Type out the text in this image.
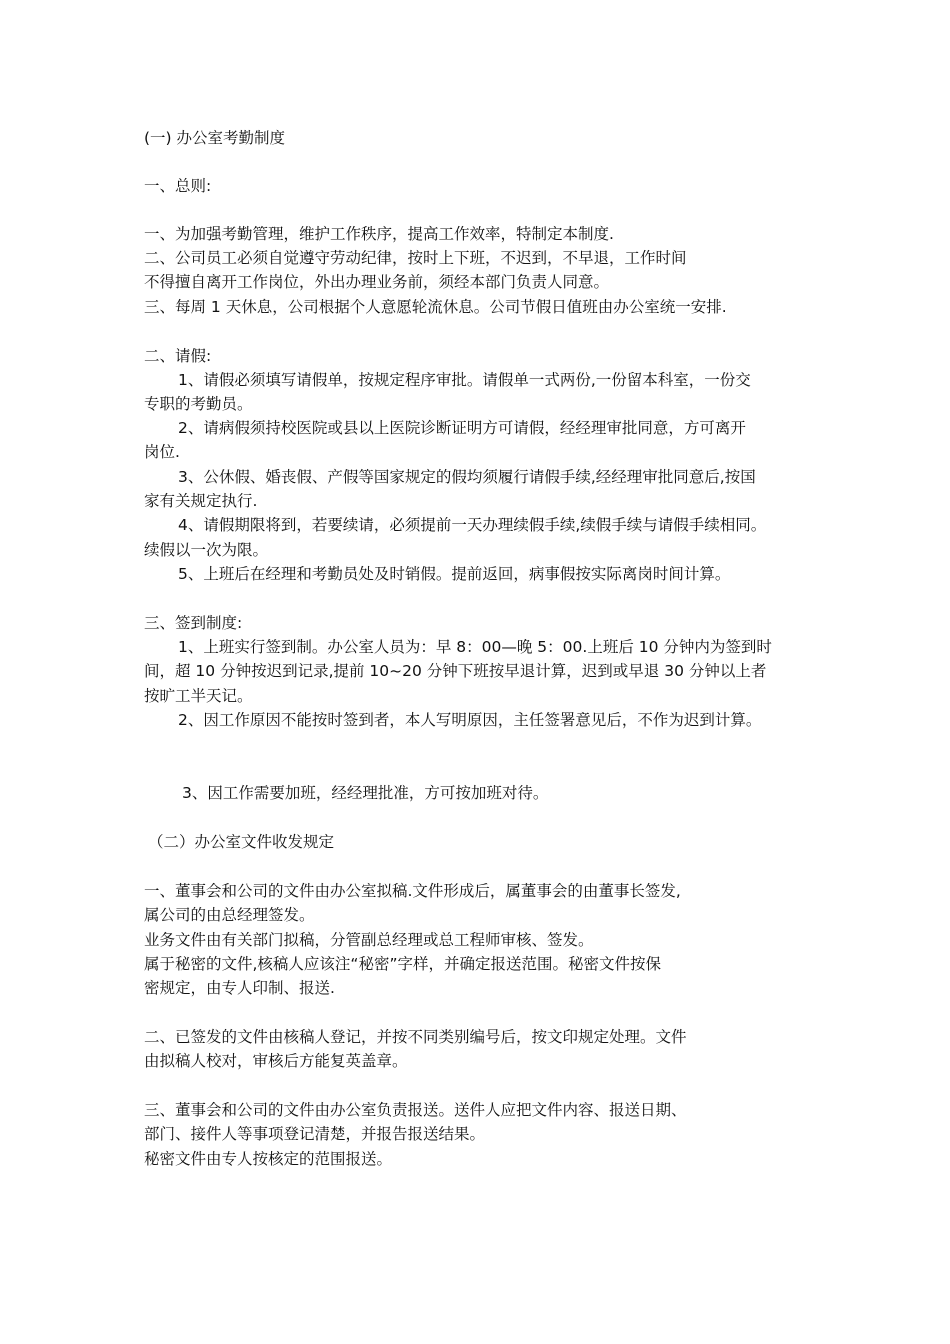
(一) 办公室考勤制度
一、总则:
一、为加强考勤管理，维护工作秩序，提高工作效率，特制定本制度.
二、公司员工必须自觉遵守劳动纪律，按时上下班，不迟到，不早退，工作时间
不得擅自离开工作岗位，外出办理业务前，须经本部门负责人同意。
三、每周 1 天休息，公司根据个人意愿轮流休息。公司节假日值班由办公室统一安排.
二、请假:
1、请假必须填写请假单，按规定程序审批。请假单一式两份,一份留本科室，一份交
专职的考勤员。
2、请病假须持校医院或县以上医院诊断证明方可请假，经经理审批同意，方可离开
岗位.
3、公休假、婚丧假、产假等国家规定的假均须履行请假手续,经经理审批同意后,按国
家有关规定执行.
4、请假期限将到，若要续请，必须提前一天办理续假手续,续假手续与请假手续相同。
续假以一次为限。
5、上班后在经理和考勤员处及时销假。提前返回，病事假按实际离岗时间计算。
三、签到制度:
1、上班实行签到制。办公室人员为：早 8：00—晚 5：00.上班后 10 分钟内为签到时
间，超 10 分钟按迟到记录,提前 10~20 分钟下班按早退计算，迟到或早退 30 分钟以上者
按旷工半天记。
2、因工作原因不能按时签到者，本人写明原因，主任签署意见后，不作为迟到计算。
3、因工作需要加班，经经理批准，方可按加班对待。
（二）办公室文件收发规定
一、董事会和公司的文件由办公室拟稿.文件形成后，属董事会的由董事长签发,
属公司的由总经理签发。
业务文件由有关部门拟稿，分管副总经理或总工程师审核、签发。
属于秘密的文件,核稿人应该注“秘密”字样，并确定报送范围。秘密文件按保
密规定，由专人印制、报送.
二、已签发的文件由核稿人登记，并按不同类别编号后，按文印规定处理。文件
由拟稿人校对，审核后方能复英盖章。
三、董事会和公司的文件由办公室负责报送。送件人应把文件内容、报送日期、
部门、接件人等事项登记清楚，并报告报送结果。
秘密文件由专人按核定的范围报送。
